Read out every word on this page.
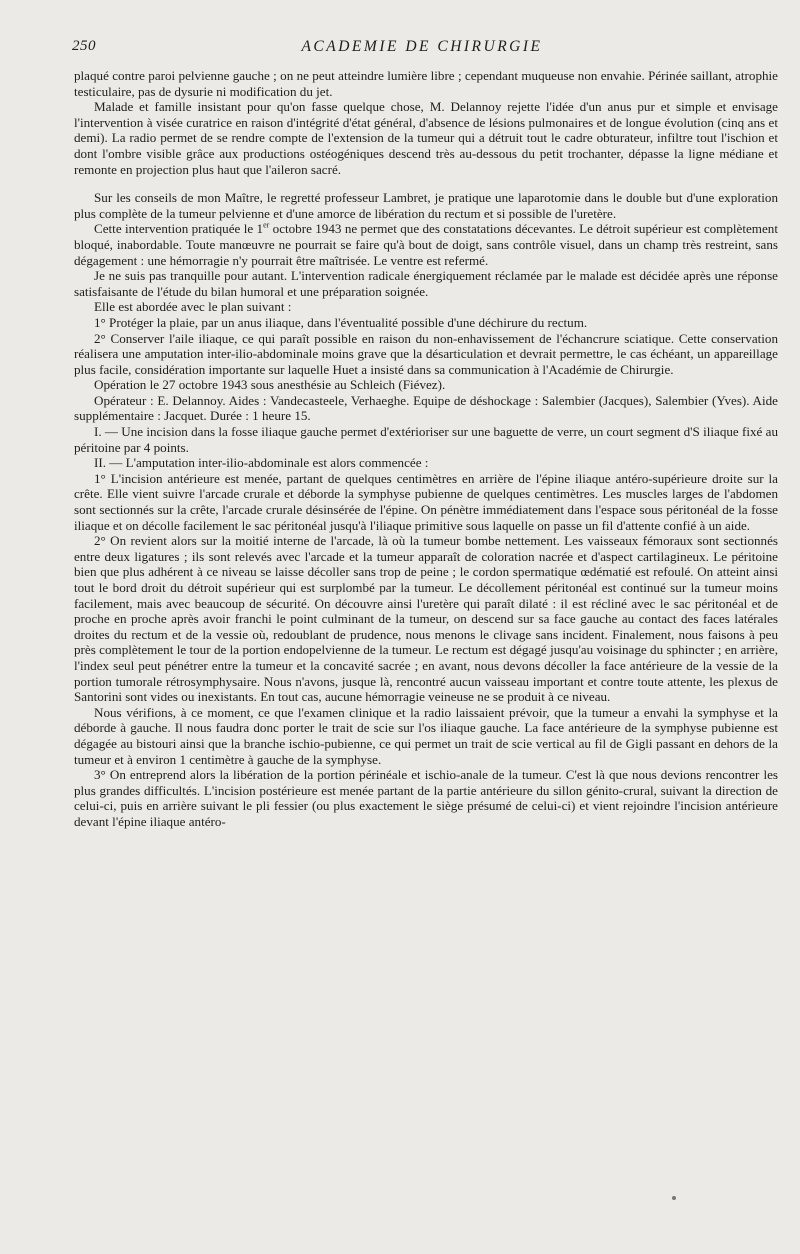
250	ACADEMIE DE CHIRURGIE

plaqué contre paroi pelvienne gauche ; on ne peut atteindre lumière libre ; cependant muqueuse non envahie. Périnée saillant, atrophie testiculaire, pas de dysurie ni modification du jet.

Malade et famille insistant pour qu'on fasse quelque chose, M. Delannoy rejette l'idée d'un anus pur et simple et envisage l'intervention à visée curatrice en raison d'intégrité d'état général, d'absence de lésions pulmonaires et de longue évolution (cinq ans et demi). La radio permet de se rendre compte de l'extension de la tumeur qui a détruit tout le cadre obturateur, infiltre tout l'ischion et dont l'ombre visible grâce aux productions ostéogéniques descend très au-dessous du petit trochanter, dépasse la ligne médiane et remonte en projection plus haut que l'aileron sacré.

Sur les conseils de mon Maître, le regretté professeur Lambret, je pratique une laparotomie dans le double but d'une exploration plus complète de la tumeur pelvienne et d'une amorce de libération du rectum et si possible de l'uretère.

Cette intervention pratiquée le 1er octobre 1943 ne permet que des constatations décevantes. Le détroit supérieur est complètement bloqué, inabordable. Toute manœuvre ne pourrait se faire qu'à bout de doigt, sans contrôle visuel, dans un champ très restreint, sans dégagement : une hémorragie n'y pourrait être maîtrisée. Le ventre est refermé.

Je ne suis pas tranquille pour autant. L'intervention radicale énergiquement réclamée par le malade est décidée après une réponse satisfaisante de l'étude du bilan humoral et une préparation soignée.

Elle est abordée avec le plan suivant :

1° Protéger la plaie, par un anus iliaque, dans l'éventualité possible d'une déchirure du rectum.

2° Conserver l'aile iliaque, ce qui paraît possible en raison du non-enhavissement de l'échancrure sciatique. Cette conservation réalisera une amputation inter-ilio-abdominale moins grave que la désarticulation et devrait permettre, le cas échéant, un appareillage plus facile, considération importante sur laquelle Huet a insisté dans sa communication à l'Académie de Chirurgie.

Opération le 27 octobre 1943 sous anesthésie au Schleich (Fiévez).

Opérateur : E. Delannoy. Aides : Vandecasteele, Verhaeghe. Equipe de déshockage : Salembier (Jacques), Salembier (Yves). Aide supplémentaire : Jacquet. Durée : 1 heure 15.

I. — Une incision dans la fosse iliaque gauche permet d'extérioriser sur une baguette de verre, un court segment d'S iliaque fixé au péritoine par 4 points.

II. — L'amputation inter-ilio-abdominale est alors commencée :

1° L'incision antérieure est menée, partant de quelques centimètres en arrière de l'épine iliaque antéro-supérieure droite sur la crête. Elle vient suivre l'arcade crurale et déborde la symphyse pubienne de quelques centimètres. Les muscles larges de l'abdomen sont sectionnés sur la crête, l'arcade crurale désinsérée de l'épine. On pénètre immédiatement dans l'espace sous péritonéal de la fosse iliaque et on décolle facilement le sac péritonéal jusqu'à l'iliaque primitive sous laquelle on passe un fil d'attente confié à un aide.

2° On revient alors sur la moitié interne de l'arcade, là où la tumeur bombe nettement. Les vaisseaux fémoraux sont sectionnés entre deux ligatures ; ils sont relevés avec l'arcade et la tumeur apparaît de coloration nacrée et d'aspect cartilagineux. Le péritoine bien que plus adhérent à ce niveau se laisse décoller sans trop de peine ; le cordon spermatique œdématié est refoulé. On atteint ainsi tout le bord droit du détroit supérieur qui est surplombé par la tumeur. Le décollement péritonéal est continué sur la tumeur moins facilement, mais avec beaucoup de sécurité. On découvre ainsi l'uretère qui paraît dilaté : il est récliné avec le sac péritonéal et de proche en proche après avoir franchi le point culminant de la tumeur, on descend sur sa face gauche au contact des faces latérales droites du rectum et de la vessie où, redoublant de prudence, nous menons le clivage sans incident. Finalement, nous faisons à peu près complètement le tour de la portion endopelvienne de la tumeur. Le rectum est dégagé jusqu'au voisinage du sphincter ; en arrière, l'index seul peut pénétrer entre la tumeur et la concavité sacrée ; en avant, nous devons décoller la face antérieure de la vessie de la portion tumorale rétrosymphysaire. Nous n'avons, jusque là, rencontré aucun vaisseau important et contre toute attente, les plexus de Santorini sont vides ou inexistants. En tout cas, aucune hémorragie veineuse ne se produit à ce niveau.

Nous vérifions, à ce moment, ce que l'examen clinique et la radio laissaient prévoir, que la tumeur a envahi la symphyse et la déborde à gauche. Il nous faudra donc porter le trait de scie sur l'os iliaque gauche. La face antérieure de la symphyse pubienne est dégagée au bistouri ainsi que la branche ischio-pubienne, ce qui permet un trait de scie vertical au fil de Gigli passant en dehors de la tumeur et à environ 1 centimètre à gauche de la symphyse.

3° On entreprend alors la libération de la portion périnéale et ischio-anale de la tumeur. C'est là que nous devions rencontrer les plus grandes difficultés. L'incision postérieure est menée partant de la partie antérieure du sillon génito-crural, suivant la direction de celui-ci, puis en arrière suivant le pli fessier (ou plus exactement le siège présumé de celui-ci) et vient rejoindre l'incision antérieure devant l'épine iliaque antéro-
